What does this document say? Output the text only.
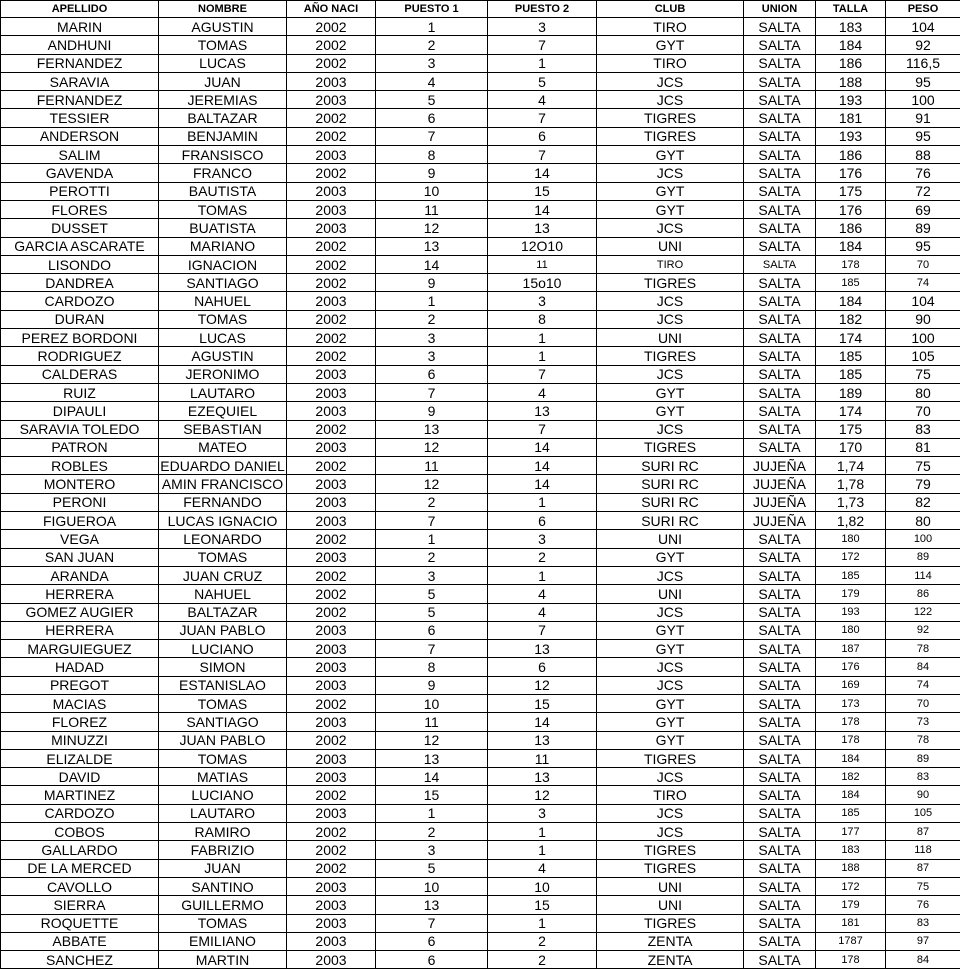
APELLIDO	NOMBRE	AÑO NACI	PUESTO 1	PUESTO 2	CLUB	UNION	TALLA	PESO
MARIN	AGUSTIN	2002	1	3	TIRO	SALTA	183	104
ANDHUNI	TOMAS	2002	2	7	GYT	SALTA	184	92
FERNANDEZ	LUCAS	2002	3	1	TIRO	SALTA	186	116,5
SARAVIA	JUAN	2003	4	5	JCS	SALTA	188	95
FERNANDEZ	JEREMIAS	2003	5	4	JCS	SALTA	193	100
TESSIER	BALTAZAR	2002	6	7	TIGRES	SALTA	181	91
ANDERSON	BENJAMIN	2002	7	6	TIGRES	SALTA	193	95
SALIM	FRANSISCO	2003	8	7	GYT	SALTA	186	88
GAVENDA	FRANCO	2002	9	14	JCS	SALTA	176	76
PEROTTI	BAUTISTA	2003	10	15	GYT	SALTA	175	72
FLORES	TOMAS	2003	11	14	GYT	SALTA	176	69
DUSSET	BUATISTA	2003	12	13	JCS	SALTA	186	89
GARCIA ASCARATE	MARIANO	2002	13	12O10	UNI	SALTA	184	95
LISONDO	IGNACION	2002	14	11	TIRO	SALTA	178	70
DANDREA	SANTIAGO	2002	9	15o10	TIGRES	SALTA	185	74
CARDOZO	NAHUEL	2003	1	3	JCS	SALTA	184	104
DURAN	TOMAS	2002	2	8	JCS	SALTA	182	90
PEREZ BORDONI	LUCAS	2002	3	1	UNI	SALTA	174	100
RODRIGUEZ	AGUSTIN	2002	3	1	TIGRES	SALTA	185	105
CALDERAS	JERONIMO	2003	6	7	JCS	SALTA	185	75
RUIZ	LAUTARO	2003	7	4	GYT	SALTA	189	80
DIPAULI	EZEQUIEL	2003	9	13	GYT	SALTA	174	70
SARAVIA TOLEDO	SEBASTIAN	2002	13	7	JCS	SALTA	175	83
PATRON	MATEO	2003	12	14	TIGRES	SALTA	170	81
ROBLES	EDUARDO DANIEL	2002	11	14	SURI RC	JUJEÑA	1,74	75
MONTERO	AMIN FRANCISCO	2003	12	14	SURI RC	JUJEÑA	1,78	79
PERONI	FERNANDO	2003	2	1	SURI RC	JUJEÑA	1,73	82
FIGUEROA	LUCAS IGNACIO	2003	7	6	SURI RC	JUJEÑA	1,82	80
VEGA	LEONARDO	2002	1	3	UNI	SALTA	180	100
SAN JUAN	TOMAS	2003	2	2	GYT	SALTA	172	89
ARANDA	JUAN CRUZ	2002	3	1	JCS	SALTA	185	114
HERRERA	NAHUEL	2002	5	4	UNI	SALTA	179	86
GOMEZ AUGIER	BALTAZAR	2002	5	4	JCS	SALTA	193	122
HERRERA	JUAN PABLO	2003	6	7	GYT	SALTA	180	92
MARGUIEGUEZ	LUCIANO	2003	7	13	GYT	SALTA	187	78
HADAD	SIMON	2003	8	6	JCS	SALTA	176	84
PREGOT	ESTANISLAO	2003	9	12	JCS	SALTA	169	74
MACIAS	TOMAS	2002	10	15	GYT	SALTA	173	70
FLOREZ	SANTIAGO	2003	11	14	GYT	SALTA	178	73
MINUZZI	JUAN PABLO	2002	12	13	GYT	SALTA	178	78
ELIZALDE	TOMAS	2003	13	11	TIGRES	SALTA	184	89
DAVID	MATIAS	2003	14	13	JCS	SALTA	182	83
MARTINEZ	LUCIANO	2002	15	12	TIRO	SALTA	184	90
CARDOZO	LAUTARO	2003	1	3	JCS	SALTA	185	105
COBOS	RAMIRO	2002	2	1	JCS	SALTA	177	87
GALLARDO	FABRIZIO	2002	3	1	TIGRES	SALTA	183	118
DE LA MERCED	JUAN	2002	5	4	TIGRES	SALTA	188	87
CAVOLLO	SANTINO	2003	10	10	UNI	SALTA	172	75
SIERRA	GUILLERMO	2003	13	15	UNI	SALTA	179	76
ROQUETTE	TOMAS	2003	7	1	TIGRES	SALTA	181	83
ABBATE	EMILIANO	2003	6	2	ZENTA	SALTA	1787	97
SANCHEZ	MARTIN	2003	6	2	ZENTA	SALTA	178	84
